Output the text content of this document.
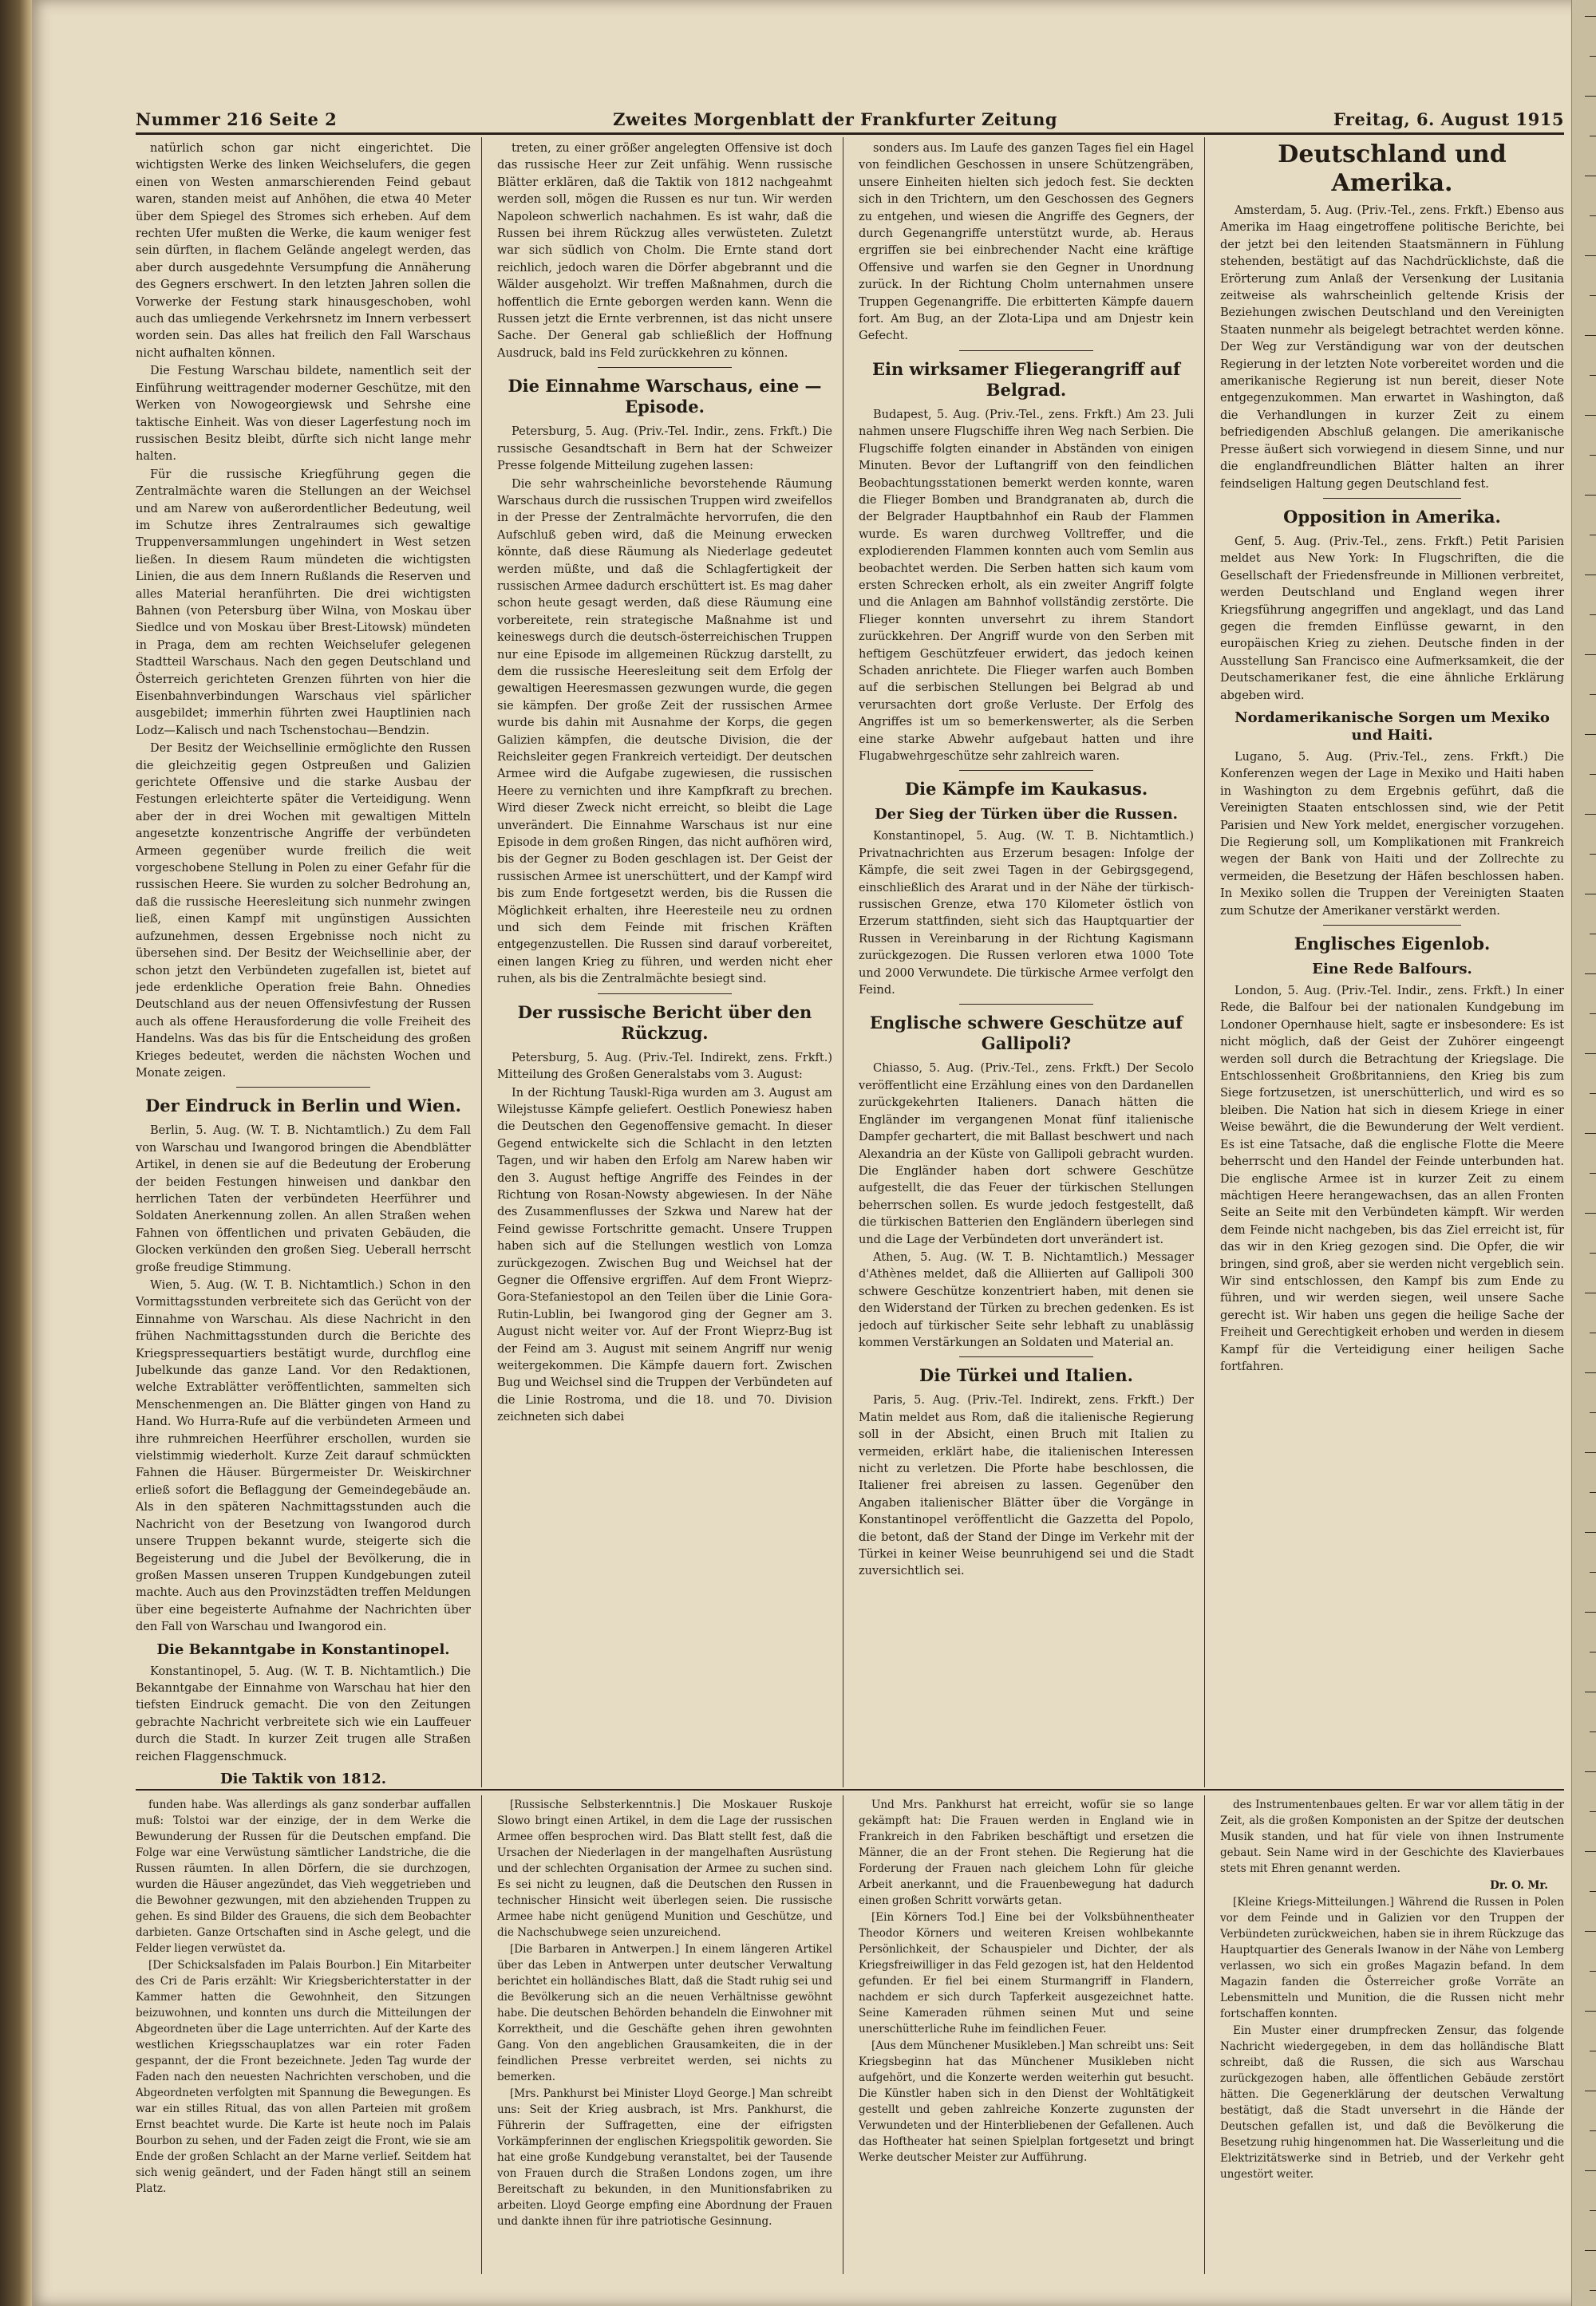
Nummer 216 Seite 2	Zweites Morgenblatt der Frankfurter Zeitung	Freitag, 6. August 1915

natürlich schon gar nicht eingerichtet. Die wichtigsten Werke des linken Weichselufers, die gegen einen von Westen anmarschierenden Feind gebaut waren, standen meist auf Anhöhen, die etwa 40 Meter über dem Spiegel des Stromes sich erheben. Auf dem rechten Ufer mußten die Werke, die kaum weniger fest sein dürften, in flachem Gelände angelegt werden, das aber durch ausgedehnte Versumpfung die Annäherung des Gegners erschwert. In den letzten Jahren sollen die Vorwerke der Festung stark hinausgeschoben, wohl auch das umliegende Verkehrsnetz im Innern verbessert worden sein. Das alles hat freilich den Fall Warschaus nicht aufhalten können.

Die Festung Warschau bildete, namentlich seit der Einführung weittragender moderner Geschütze, mit den Werken von Nowogeorgiewsk und Sehrshe eine taktische Einheit. Was von dieser Lagerfestung noch im russischen Besitz bleibt, dürfte sich nicht lange mehr halten.

Für die russische Kriegführung gegen die Zentralmächte waren die Stellungen an der Weichsel und am Narew von außerordentlicher Bedeutung, weil im Schutze ihres Zentralraumes sich gewaltige Truppenversammlungen ungehindert in West setzen ließen. In diesem Raum mündeten die wichtigsten Linien, die aus dem Innern Rußlands die Reserven und alles Material heranführten. Die drei wichtigsten Bahnen (von Petersburg über Wilna, von Moskau über Siedlce und von Moskau über Brest-Litowsk) mündeten in Praga, dem am rechten Weichselufer gelegenen Stadtteil Warschaus. Nach den gegen Deutschland und Österreich gerichteten Grenzen führten von hier die Eisenbahnverbindungen Warschaus viel spärlicher ausgebildet; immerhin führten zwei Hauptlinien nach Lodz—Kalisch und nach Tschenstochau—Bendzin.

Der Besitz der Weichsellinie ermöglichte den Russen die gleichzeitig gegen Ostpreußen und Galizien gerichtete Offensive und die starke Ausbau der Festungen erleichterte später die Verteidigung. Wenn aber der in drei Wochen mit gewaltigen Mitteln angesetzte konzentrische Angriffe der verbündeten Armeen gegenüber wurde freilich die weit vorgeschobene Stellung in Polen zu einer Gefahr für die russischen Heere. Sie wurden zu solcher Bedrohung an, daß die russische Heeresleitung sich nunmehr zwingen ließ, einen Kampf mit ungünstigen Aussichten aufzunehmen, dessen Ergebnisse noch nicht zu übersehen sind. Der Besitz der Weichsellinie aber, der schon jetzt den Verbündeten zugefallen ist, bietet auf jede erdenkliche Operation freie Bahn. Ohnedies Deutschland aus der neuen Offensivfestung der Russen auch als offene Herausforderung die volle Freiheit des Handelns. Was das bis für die Entscheidung des großen Krieges bedeutet, werden die nächsten Wochen und Monate zeigen.

Der Eindruck in Berlin und Wien.

Berlin, 5. Aug. (W. T. B. Nichtamtlich.) Zu dem Fall von Warschau und Iwangorod bringen die Abendblätter Artikel, in denen sie auf die Bedeutung der Eroberung der beiden Festungen hinweisen und dankbar den herrlichen Taten der verbündeten Heerführer und Soldaten Anerkennung zollen. An allen Straßen wehen Fahnen von öffentlichen und privaten Gebäuden, die Glocken verkünden den großen Sieg. Ueberall herrscht große freudige Stimmung.

Wien, 5. Aug. (W. T. B. Nichtamtlich.) Schon in den Vormittagsstunden verbreitete sich das Gerücht von der Einnahme von Warschau. Als diese Nachricht in den frühen Nachmittagsstunden durch die Berichte des Kriegspressequartiers bestätigt wurde, durchflog eine Jubelkunde das ganze Land. Vor den Redaktionen, welche Extrablätter veröffentlichten, sammelten sich Menschenmengen an. Die Blätter gingen von Hand zu Hand. Wo Hurra-Rufe auf die verbündeten Armeen und ihre ruhmreichen Heerführer erschollen, wurden sie vielstimmig wiederholt. Kurze Zeit darauf schmückten Fahnen die Häuser. Bürgermeister Dr. Weiskirchner erließ sofort die Beflaggung der Gemeindegebäude an. Als in den späteren Nachmittagsstunden auch die Nachricht von der Besetzung von Iwangorod durch unsere Truppen bekannt wurde, steigerte sich die Begeisterung und die Jubel der Bevölkerung, die in großen Massen unseren Truppen Kundgebungen zuteil machte. Auch aus den Provinzstädten treffen Meldungen über eine begeisterte Aufnahme der Nachrichten über den Fall von Warschau und Iwangorod ein.

Die Bekanntgabe in Konstantinopel.

Konstantinopel, 5. Aug. (W. T. B. Nichtamtlich.) Die Bekanntgabe der Einnahme von Warschau hat hier den tiefsten Eindruck gemacht. Die von den Zeitungen gebrachte Nachricht verbreitete sich wie ein Lauffeuer durch die Stadt. In kurzer Zeit trugen alle Straßen reichen Flaggenschmuck.

Die Taktik von 1812.

treten, zu einer größer angelegten Offensive ist doch das russische Heer zur Zeit unfähig. Wenn russische Blätter erklären, daß die Taktik von 1812 nachgeahmt werden soll, mögen die Russen es nur tun. Wir werden Napoleon schwerlich nachahmen. Es ist wahr, daß die Russen bei ihrem Rückzug alles verwüsteten. Zuletzt war sich südlich von Cholm. Die Ernte stand dort reichlich, jedoch waren die Dörfer abgebrannt und die Wälder ausgeholzt. Wir treffen Maßnahmen, durch die hoffentlich die Ernte geborgen werden kann. Wenn die Russen jetzt die Ernte verbrennen, ist das nicht unsere Sache. Der General gab schließlich der Hoffnung Ausdruck, bald ins Feld zurückkehren zu können.

Die Einnahme Warschaus, eine — Episode.

Petersburg, 5. Aug. (Priv.-Tel. Indir., zens. Frkft.) Die russische Gesandtschaft in Bern hat der Schweizer Presse folgende Mitteilung zugehen lassen:

Die sehr wahrscheinliche bevorstehende Räumung Warschaus durch die russischen Truppen wird zweifellos in der Presse der Zentralmächte hervorrufen, die den Aufschluß geben wird, daß die Meinung erwecken könnte, daß diese Räumung als Niederlage gedeutet werden müßte, und daß die Schlagfertigkeit der russischen Armee dadurch erschüttert ist. Es mag daher schon heute gesagt werden, daß diese Räumung eine vorbereitete, rein strategische Maßnahme ist und keineswegs durch die deutsch-österreichischen Truppen nur eine Episode im allgemeinen Rückzug darstellt, zu dem die russische Heeresleitung seit dem Erfolg der gewaltigen Heeresmassen gezwungen wurde, die gegen sie kämpfen. Der große Zeit der russischen Armee wurde bis dahin mit Ausnahme der Korps, die gegen Galizien kämpfen, die deutsche Division, die der Reichsleiter gegen Frankreich verteidigt. Der deutschen Armee wird die Aufgabe zugewiesen, die russischen Heere zu vernichten und ihre Kampfkraft zu brechen. Wird dieser Zweck nicht erreicht, so bleibt die Lage unverändert. Die Einnahme Warschaus ist nur eine Episode in dem großen Ringen, das nicht aufhören wird, bis der Gegner zu Boden geschlagen ist. Der Geist der russischen Armee ist unerschüttert, und der Kampf wird bis zum Ende fortgesetzt werden, bis die Russen die Möglichkeit erhalten, ihre Heeresteile neu zu ordnen und sich dem Feinde mit frischen Kräften entgegenzustellen. Die Russen sind darauf vorbereitet, einen langen Krieg zu führen, und werden nicht eher ruhen, als bis die Zentralmächte besiegt sind.

Der russische Bericht über den Rückzug.

Petersburg, 5. Aug. (Priv.-Tel. Indirekt, zens. Frkft.) Mitteilung des Großen Generalstabs vom 3. August:

In der Richtung Tauskl-Riga wurden am 3. August am Wilejstusse Kämpfe geliefert. Oestlich Ponewiesz haben die Deutschen den Gegenoffensive gemacht. In dieser Gegend entwickelte sich die Schlacht in den letzten Tagen, und wir haben den Erfolg am Narew haben wir den 3. August heftige Angriffe des Feindes in der Richtung von Rosan-Nowsty abgewiesen. In der Nähe des Zusammenflusses der Szkwa und Narew hat der Feind gewisse Fortschritte gemacht. Unsere Truppen haben sich auf die Stellungen westlich von Lomza zurückgezogen. Zwischen Bug und Weichsel hat der Gegner die Offensive ergriffen. Auf dem Front Wieprz-Gora-Stefaniestopol an den Teilen über die Linie Gora-Rutin-Lublin, bei Iwangorod ging der Gegner am 3. August nicht weiter vor. Auf der Front Wieprz-Bug ist der Feind am 3. August mit seinem Angriff nur wenig weitergekommen. Die Kämpfe dauern fort. Zwischen Bug und Weichsel sind die Truppen der Verbündeten auf die Linie Rostroma, und die 18. und 70. Division zeichneten sich dabei

sonders aus. Im Laufe des ganzen Tages fiel ein Hagel von feindlichen Geschossen in unsere Schützengräben, unsere Einheiten hielten sich jedoch fest. Sie deckten sich in den Trichtern, um den Geschossen des Gegners zu entgehen, und wiesen die Angriffe des Gegners, der durch Gegenangriffe unterstützt wurde, ab. Heraus ergriffen sie bei einbrechender Nacht eine kräftige Offensive und warfen sie den Gegner in Unordnung zurück. In der Richtung Cholm unternahmen unsere Truppen Gegenangriffe. Die erbitterten Kämpfe dauern fort. Am Bug, an der Zlota-Lipa und am Dnjestr kein Gefecht.

Ein wirksamer Fliegerangriff auf Belgrad.

Budapest, 5. Aug. (Priv.-Tel., zens. Frkft.) Am 23. Juli nahmen unsere Flugschiffe ihren Weg nach Serbien. Die Flugschiffe folgten einander in Abständen von einigen Minuten. Bevor der Luftangriff von den feindlichen Beobachtungsstationen bemerkt werden konnte, waren die Flieger Bomben und Brandgranaten ab, durch die der Belgrader Hauptbahnhof ein Raub der Flammen wurde. Es waren durchweg Volltreffer, und die explodierenden Flammen konnten auch vom Semlin aus beobachtet werden. Die Serben hatten sich kaum vom ersten Schrecken erholt, als ein zweiter Angriff folgte und die Anlagen am Bahnhof vollständig zerstörte. Die Flieger konnten unversehrt zu ihrem Standort zurückkehren. Der Angriff wurde von den Serben mit heftigem Geschützfeuer erwidert, das jedoch keinen Schaden anrichtete. Die Flieger warfen auch Bomben auf die serbischen Stellungen bei Belgrad ab und verursachten dort große Verluste. Der Erfolg des Angriffes ist um so bemerkenswerter, als die Serben eine starke Abwehr aufgebaut hatten und ihre Flugabwehrgeschütze sehr zahlreich waren.

Die Kämpfe im Kaukasus.
Der Sieg der Türken über die Russen.

Konstantinopel, 5. Aug. (W. T. B. Nichtamtlich.) Privatnachrichten aus Erzerum besagen: Infolge der Kämpfe, die seit zwei Tagen in der Gebirgsgegend, einschließlich des Ararat und in der Nähe der türkisch-russischen Grenze, etwa 170 Kilometer östlich von Erzerum stattfinden, sieht sich das Hauptquartier der Russen in Vereinbarung in der Richtung Kagismann zurückgezogen. Die Russen verloren etwa 1000 Tote und 2000 Verwundete. Die türkische Armee verfolgt den Feind.

Englische schwere Geschütze auf Gallipoli?

Chiasso, 5. Aug. (Priv.-Tel., zens. Frkft.) Der Secolo veröffentlicht eine Erzählung eines von den Dardanellen zurückgekehrten Italieners. Danach hätten die Engländer im vergangenen Monat fünf italienische Dampfer gechartert, die mit Ballast beschwert und nach Alexandria an der Küste von Gallipoli gebracht wurden. Die Engländer haben dort schwere Geschütze aufgestellt, die das Feuer der türkischen Stellungen beherrschen sollen. Es wurde jedoch festgestellt, daß die türkischen Batterien den Engländern überlegen sind und die Lage der Verbündeten dort unverändert ist.

Athen, 5. Aug. (W. T. B. Nichtamtlich.) Messager d'Athènes meldet, daß die Alliierten auf Gallipoli 300 schwere Geschütze konzentriert haben, mit denen sie den Widerstand der Türken zu brechen gedenken. Es ist jedoch auf türkischer Seite sehr lebhaft zu unablässig kommen Verstärkungen an Soldaten und Material an.

Die Türkei und Italien.

Paris, 5. Aug. (Priv.-Tel. Indirekt, zens. Frkft.) Der Matin meldet aus Rom, daß die italienische Regierung soll in der Absicht, einen Bruch mit Italien zu vermeiden, erklärt habe, die italienischen Interessen nicht zu verletzen. Die Pforte habe beschlossen, die Italiener frei abreisen zu lassen. Gegenüber den Angaben italienischer Blätter über die Vorgänge in Konstantinopel veröffentlicht die Gazzetta del Popolo, die betont, daß der Stand der Dinge im Verkehr mit der Türkei in keiner Weise beunruhigend sei und die Stadt zuversichtlich sei.

Deutschland und Amerika.

Amsterdam, 5. Aug. (Priv.-Tel., zens. Frkft.) Ebenso aus Amerika im Haag eingetroffene politische Berichte, bei der jetzt bei den leitenden Staatsmännern in Fühlung stehenden, bestätigt auf das Nachdrücklichste, daß die Erörterung zum Anlaß der Versenkung der Lusitania zeitweise als wahrscheinlich geltende Krisis der Beziehungen zwischen Deutschland und den Vereinigten Staaten nunmehr als beigelegt betrachtet werden könne. Der Weg zur Verständigung war von der deutschen Regierung in der letzten Note vorbereitet worden und die amerikanische Regierung ist nun bereit, dieser Note entgegenzukommen. Man erwartet in Washington, daß die Verhandlungen in kurzer Zeit zu einem befriedigenden Abschluß gelangen. Die amerikanische Presse äußert sich vorwiegend in diesem Sinne, und nur die englandfreundlichen Blätter halten an ihrer feindseligen Haltung gegen Deutschland fest.

Opposition in Amerika.

Genf, 5. Aug. (Priv.-Tel., zens. Frkft.) Petit Parisien meldet aus New York: In Flugschriften, die die Gesellschaft der Friedensfreunde in Millionen verbreitet, werden Deutschland und England wegen ihrer Kriegsführung angegriffen und angeklagt, und das Land gegen die fremden Einflüsse gewarnt, in den europäischen Krieg zu ziehen. Deutsche finden in der Ausstellung San Francisco eine Aufmerksamkeit, die der Deutschamerikaner fest, die eine ähnliche Erklärung abgeben wird.

Nordamerikanische Sorgen um Mexiko und Haiti.

Lugano, 5. Aug. (Priv.-Tel., zens. Frkft.) Die Konferenzen wegen der Lage in Mexiko und Haiti haben in Washington zu dem Ergebnis geführt, daß die Vereinigten Staaten entschlossen sind, wie der Petit Parisien und New York meldet, energischer vorzugehen. Die Regierung soll, um Komplikationen mit Frankreich wegen der Bank von Haiti und der Zollrechte zu vermeiden, die Besetzung der Häfen beschlossen haben. In Mexiko sollen die Truppen der Vereinigten Staaten zum Schutze der Amerikaner verstärkt werden.

Englisches Eigenlob.
Eine Rede Balfours.

London, 5. Aug. (Priv.-Tel. Indir., zens. Frkft.) In einer Rede, die Balfour bei der nationalen Kundgebung im Londoner Opernhause hielt, sagte er insbesondere: Es ist nicht möglich, daß der Geist der Zuhörer eingeengt werden soll durch die Betrachtung der Kriegslage. Die Entschlossenheit Großbritanniens, den Krieg bis zum Siege fortzusetzen, ist unerschütterlich, und wird es so bleiben. Die Nation hat sich in diesem Kriege in einer Weise bewährt, die die Bewunderung der Welt verdient. Es ist eine Tatsache, daß die englische Flotte die Meere beherrscht und den Handel der Feinde unterbunden hat. Die englische Armee ist in kurzer Zeit zu einem mächtigen Heere herangewachsen, das an allen Fronten Seite an Seite mit den Verbündeten kämpft. Wir werden dem Feinde nicht nachgeben, bis das Ziel erreicht ist, für das wir in den Krieg gezogen sind. Die Opfer, die wir bringen, sind groß, aber sie werden nicht vergeblich sein. Wir sind entschlossen, den Kampf bis zum Ende zu führen, und wir werden siegen, weil unsere Sache gerecht ist. Wir haben uns gegen die heilige Sache der Freiheit und Gerechtigkeit erhoben und werden in diesem Kampf für die Verteidigung einer heiligen Sache fortfahren.

funden habe. Was allerdings als ganz sonderbar auffallen muß: Tolstoi war der einzige, der in dem Werke die Bewunderung der Russen für die Deutschen empfand. Die Folge war eine Verwüstung sämtlicher Landstriche, die die Russen räumten. In allen Dörfern, die sie durchzogen, wurden die Häuser angezündet, das Vieh weggetrieben und die Bewohner gezwungen, mit den abziehenden Truppen zu gehen. Es sind Bilder des Grauens, die sich dem Beobachter darbieten. Ganze Ortschaften sind in Asche gelegt, und die Felder liegen verwüstet da.

[Der Schicksalsfaden im Palais Bourbon.] Ein Mitarbeiter des Cri de Paris erzählt: Wir Kriegsberichterstatter in der Kammer hatten die Gewohnheit, den Sitzungen beizuwohnen, und konnten uns durch die Mitteilungen der Abgeordneten über die Lage unterrichten. Auf der Karte des westlichen Kriegsschauplatzes war ein roter Faden gespannt, der die Front bezeichnete. Jeden Tag wurde der Faden nach den neuesten Nachrichten verschoben, und die Abgeordneten verfolgten mit Spannung die Bewegungen. Es war ein stilles Ritual, das von allen Parteien mit großem Ernst beachtet wurde. Die Karte ist heute noch im Palais Bourbon zu sehen, und der Faden zeigt die Front, wie sie am Ende der großen Schlacht an der Marne verlief. Seitdem hat sich wenig geändert, und der Faden hängt still an seinem Platz.

[Russische Selbsterkenntnis.] Die Moskauer Ruskoje Slowo bringt einen Artikel, in dem die Lage der russischen Armee offen besprochen wird. Das Blatt stellt fest, daß die Ursachen der Niederlagen in der mangelhaften Ausrüstung und der schlechten Organisation der Armee zu suchen sind. Es sei nicht zu leugnen, daß die Deutschen den Russen in technischer Hinsicht weit überlegen seien. Die russische Armee habe nicht genügend Munition und Geschütze, und die Nachschubwege seien unzureichend.

[Die Barbaren in Antwerpen.] In einem längeren Artikel über das Leben in Antwerpen unter deutscher Verwaltung berichtet ein holländisches Blatt, daß die Stadt ruhig sei und die Bevölkerung sich an die neuen Verhältnisse gewöhnt habe. Die deutschen Behörden behandeln die Einwohner mit Korrektheit, und die Geschäfte gehen ihren gewohnten Gang. Von den angeblichen Grausamkeiten, die in der feindlichen Presse verbreitet werden, sei nichts zu bemerken.

[Mrs. Pankhurst bei Minister Lloyd George.] Man schreibt uns: Seit der Krieg ausbrach, ist Mrs. Pankhurst, die Führerin der Suffragetten, eine der eifrigsten Vorkämpferinnen der englischen Kriegspolitik geworden. Sie hat eine große Kundgebung veranstaltet, bei der Tausende von Frauen durch die Straßen Londons zogen, um ihre Bereitschaft zu bekunden, in den Munitionsfabriken zu arbeiten. Lloyd George empfing eine Abordnung der Frauen und dankte ihnen für ihre patriotische Gesinnung.

Und Mrs. Pankhurst hat erreicht, wofür sie so lange gekämpft hat: Die Frauen werden in England wie in Frankreich in den Fabriken beschäftigt und ersetzen die Männer, die an der Front stehen. Die Regierung hat die Forderung der Frauen nach gleichem Lohn für gleiche Arbeit anerkannt, und die Frauenbewegung hat dadurch einen großen Schritt vorwärts getan.

[Ein Körners Tod.] Eine bei der Volksbühnentheater Theodor Körners und weiteren Kreisen wohlbekannte Persönlichkeit, der Schauspieler und Dichter, der als Kriegsfreiwilliger in das Feld gezogen ist, hat den Heldentod gefunden. Er fiel bei einem Sturmangriff in Flandern, nachdem er sich durch Tapferkeit ausgezeichnet hatte. Seine Kameraden rühmen seinen Mut und seine unerschütterliche Ruhe im feindlichen Feuer.

[Aus dem Münchener Musikleben.] Man schreibt uns: Seit Kriegsbeginn hat das Münchener Musikleben nicht aufgehört, und die Konzerte werden weiterhin gut besucht. Die Künstler haben sich in den Dienst der Wohltätigkeit gestellt und geben zahlreiche Konzerte zugunsten der Verwundeten und der Hinterbliebenen der Gefallenen. Auch das Hoftheater hat seinen Spielplan fortgesetzt und bringt Werke deutscher Meister zur Aufführung.

des Instrumentenbaues gelten. Er war vor allem tätig in der Zeit, als die großen Komponisten an der Spitze der deutschen Musik standen, und hat für viele von ihnen Instrumente gebaut. Sein Name wird in der Geschichte des Klavierbaues stets mit Ehren genannt werden.

Dr. O. Mr.

[Kleine Kriegs-Mitteilungen.] Während die Russen in Polen vor dem Feinde und in Galizien vor den Truppen der Verbündeten zurückweichen, haben sie in ihrem Rückzuge das Hauptquartier des Generals Iwanow in der Nähe von Lemberg verlassen, wo sich ein großes Magazin befand. In dem Magazin fanden die Österreicher große Vorräte an Lebensmitteln und Munition, die die Russen nicht mehr fortschaffen konnten.

Ein Muster einer drumpfrecken Zensur, das folgende Nachricht wiedergegeben, in dem das holländische Blatt schreibt, daß die Russen, die sich aus Warschau zurückgezogen haben, alle öffentlichen Gebäude zerstört hätten. Die Gegenerklärung der deutschen Verwaltung bestätigt, daß die Stadt unversehrt in die Hände der Deutschen gefallen ist, und daß die Bevölkerung die Besetzung ruhig hingenommen hat. Die Wasserleitung und die Elektrizitätswerke sind in Betrieb, und der Verkehr geht ungestört weiter.
